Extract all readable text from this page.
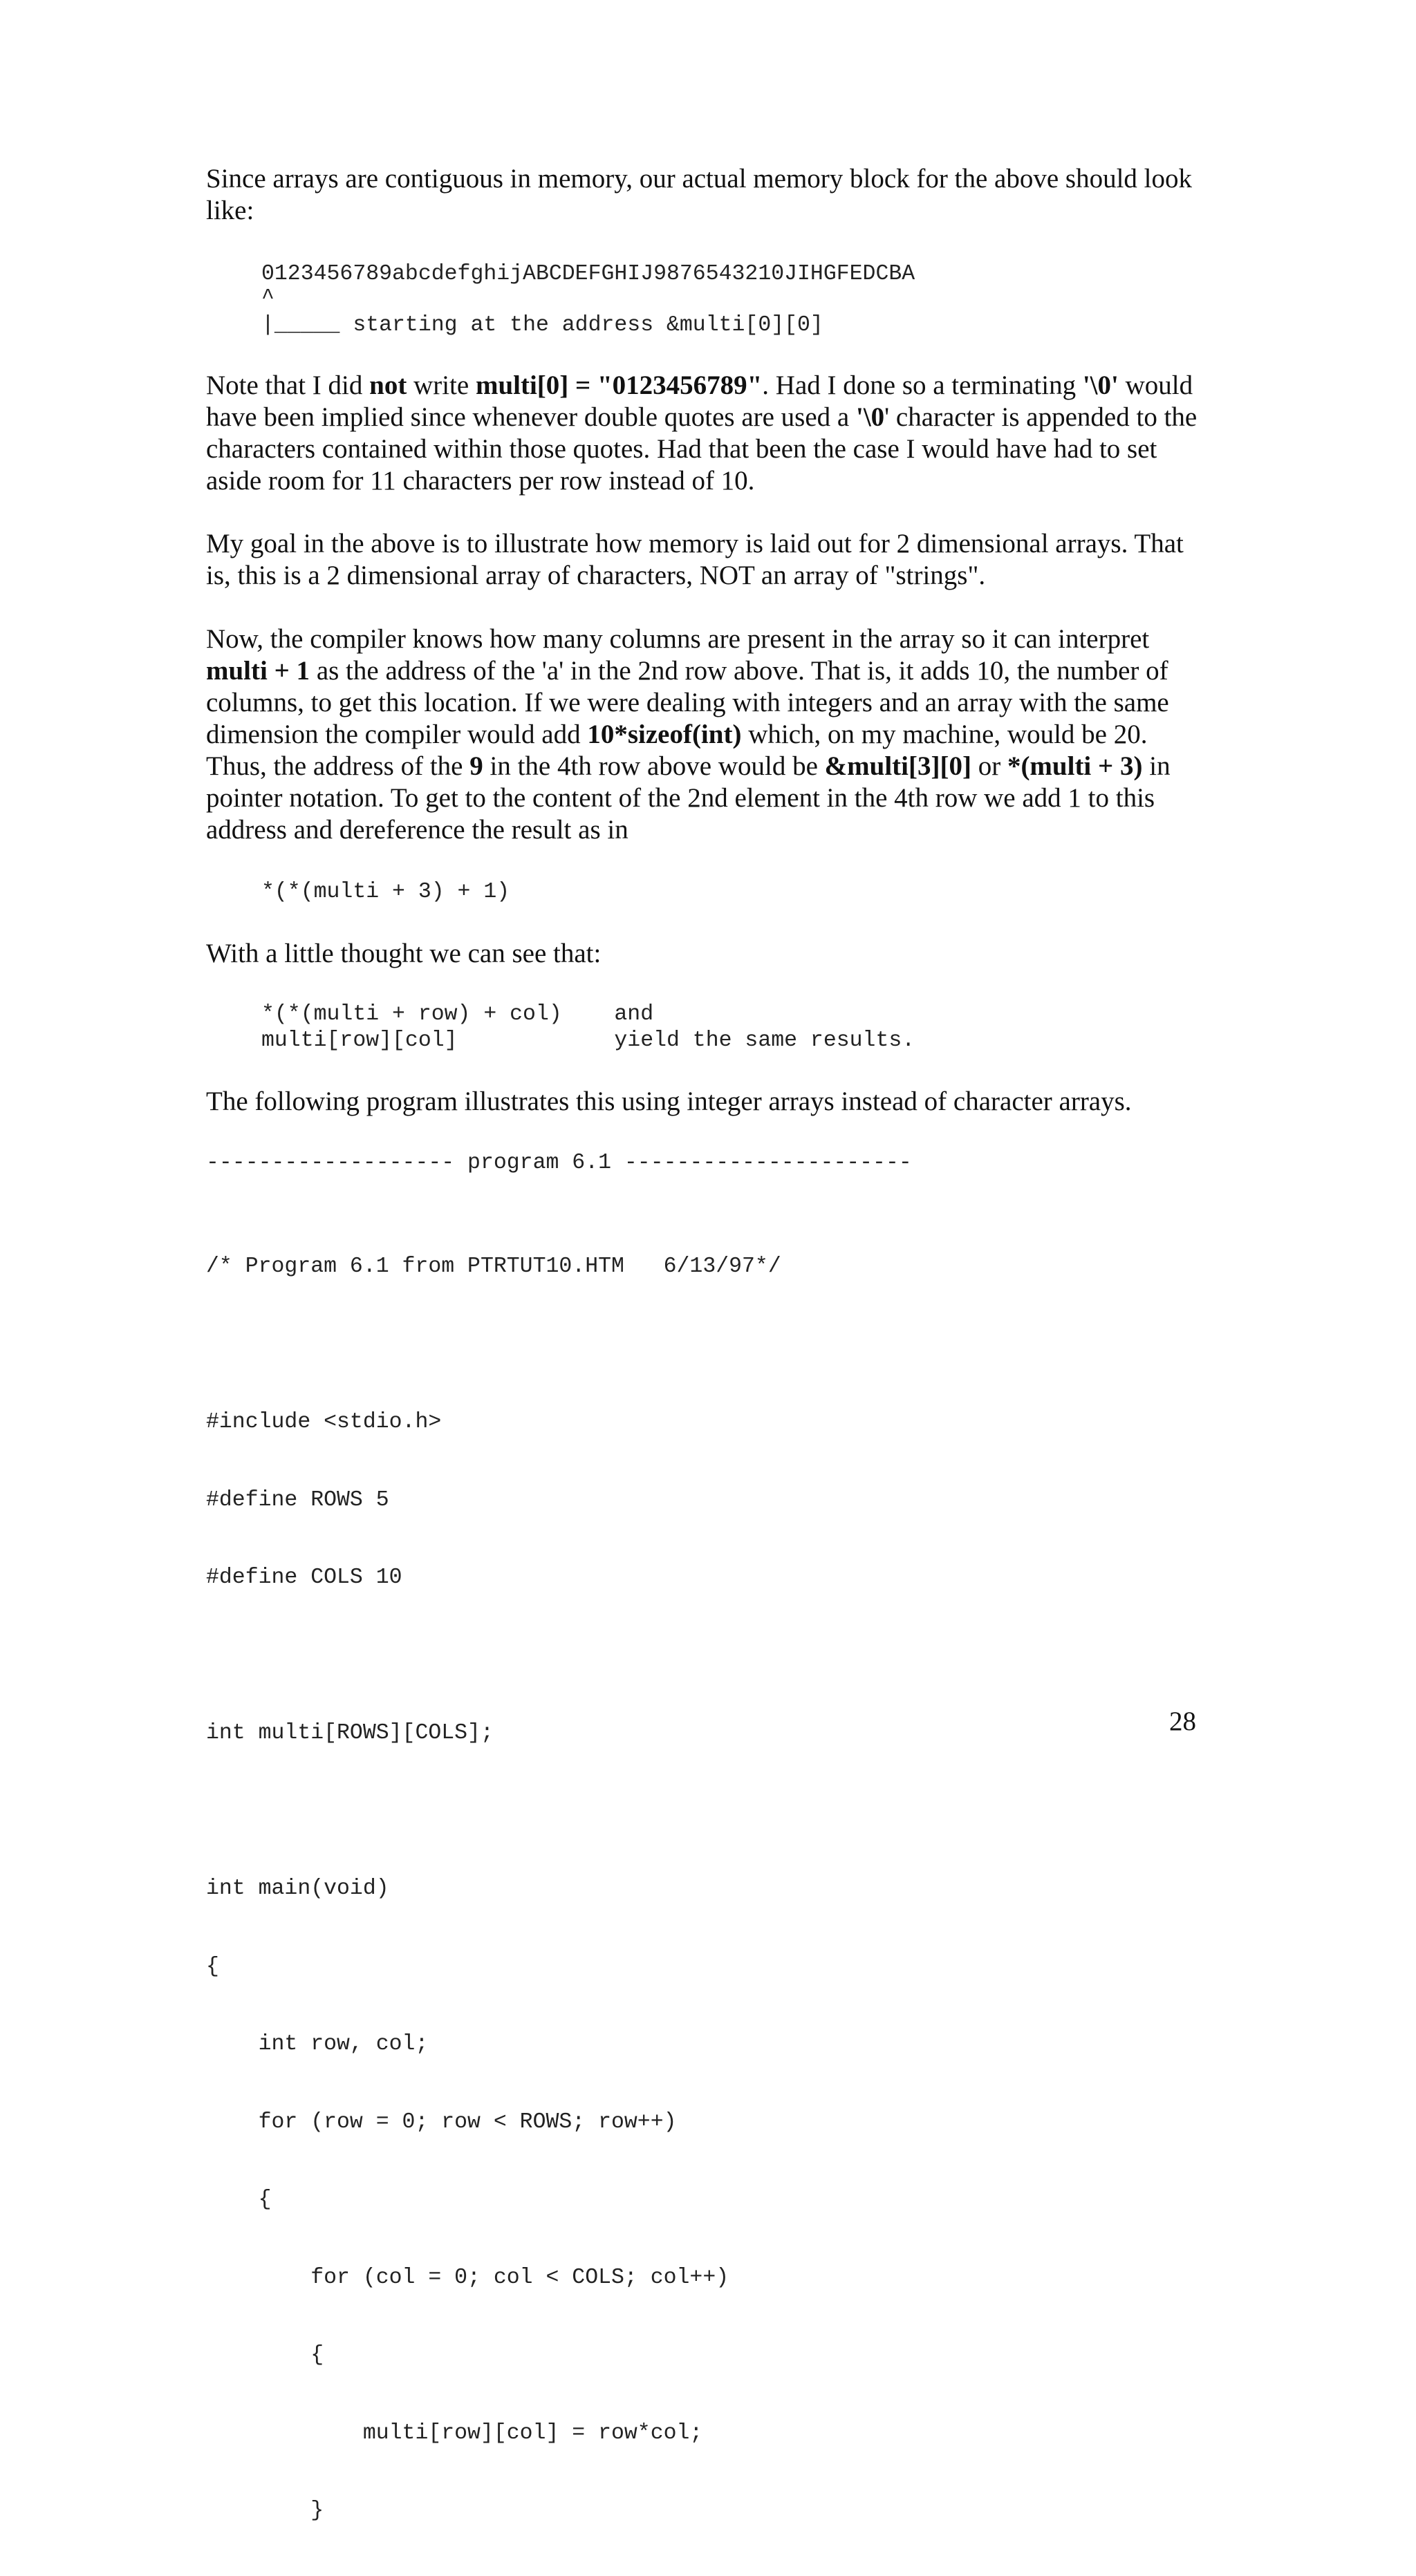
Since arrays are contiguous in memory, our actual memory block for the above should look like:

0123456789abcdefghijABCDEFGHIJ9876543210JIHGFEDCBA
^
|_____ starting at the address &multi[0][0]

Note that I did not write multi[0] = "0123456789". Had I done so a terminating '\0' would have been implied since whenever double quotes are used a '\0' character is appended to the characters contained within those quotes. Had that been the case I would have had to set aside room for 11 characters per row instead of 10.

My goal in the above is to illustrate how memory is laid out for 2 dimensional arrays. That is, this is a 2 dimensional array of characters, NOT an array of "strings".

Now, the compiler knows how many columns are present in the array so it can interpret multi + 1 as the address of the 'a' in the 2nd row above. That is, it adds 10, the number of columns, to get this location. If we were dealing with integers and an array with the same dimension the compiler would add 10*sizeof(int) which, on my machine, would be 20. Thus, the address of the 9 in the 4th row above would be &multi[3][0] or *(multi + 3) in pointer notation. To get to the content of the 2nd element in the 4th row we add 1 to this address and dereference the result as in

*(*(multi + 3) + 1)

With a little thought we can see that:

*(*(multi + row) + col)    and
multi[row][col]            yield the same results.

The following program illustrates this using integer arrays instead of character arrays.

------------------- program 6.1 ----------------------

/* Program 6.1 from PTRTUT10.HTM   6/13/97*/

#include <stdio.h>

#define ROWS 5

#define COLS 10

int multi[ROWS][COLS];

int main(void)

{

int row, col;

for (row = 0; row < ROWS; row++)

{

for (col = 0; col < COLS; col++)

{

multi[row][col] = row*col;

}

28
